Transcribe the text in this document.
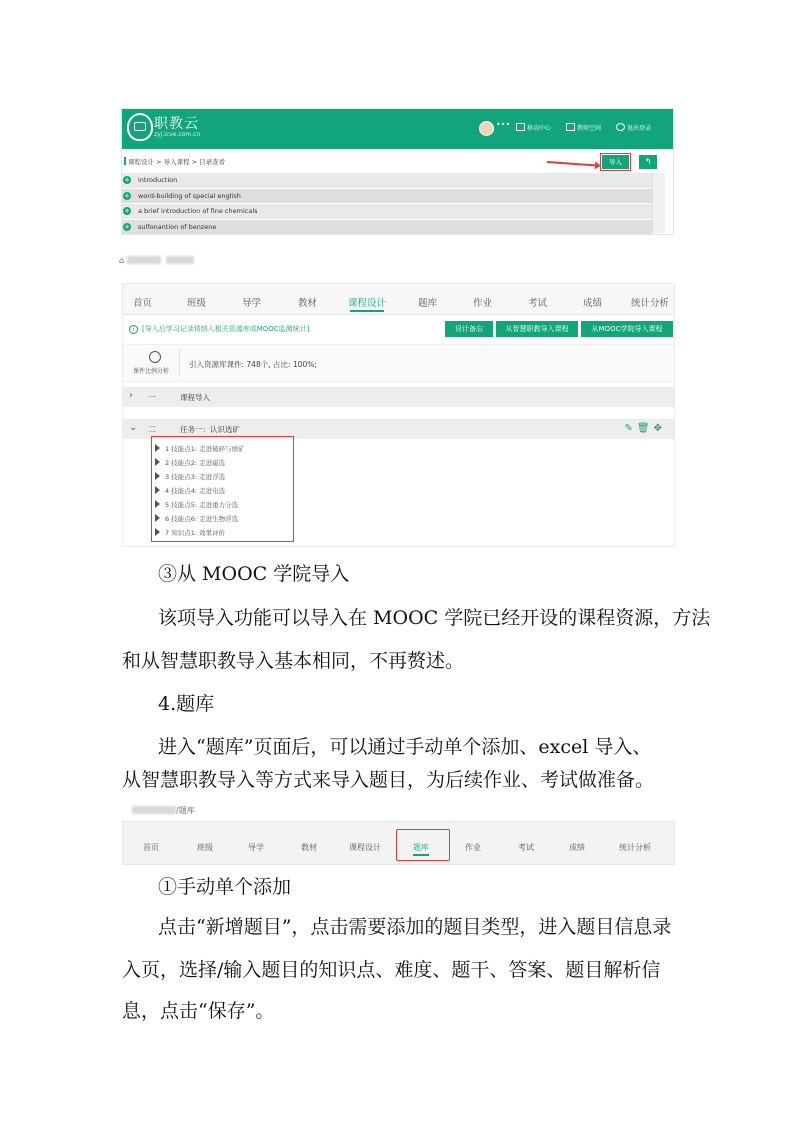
职教云
zyj.icve.com.cn
•••	移动中心	教师空间	退出登录
课程设计 > 导入课程 > 目录查看	导入	↰
+ introduction
+ word-building of special english
+ a brief introduction of fine chemicals
+ sulfonantion of benzene
⌂
首页	班级	导学	教材	课程设计	题库	作业	考试	成绩	统计分析
i [导入后学习记录将纳入相关资源库或MOOC监测统计]	设计备忘	从智慧职教导入课程	从MOOC学院导入课程
课件比例分析
引入资源库课件: 748个, 占比: 100%;
› 一	课程导入
⌄ 二	任务一：认识选矿	✎🗑✥
1 技能点1: 走进破碎与磨矿
2 技能点2: 走进磁选
3 技能点3: 走进浮选
4 技能点4: 走进电选
5 技能点5: 走进重力分选
6 技能点6: 走进生物浮选
7 知识点1: 效果评价
③从 MOOC 学院导入
该项导入功能可以导入在 MOOC 学院已经开设的课程资源，方法
和从智慧职教导入基本相同，不再赘述。
4.题库
进入“题库”页面后，可以通过手动单个添加、excel 导入、
从智慧职教导入等方式来导入题目，为后续作业、考试做准备。
/题库
首页	班级	导学	教材	课程设计	题库	作业	考试	成绩	统计分析
①手动单个添加
点击“新增题目”，点击需要添加的题目类型，进入题目信息录
入页，选择/输入题目的知识点、难度、题干、答案、题目解析信
息，点击“保存”。
